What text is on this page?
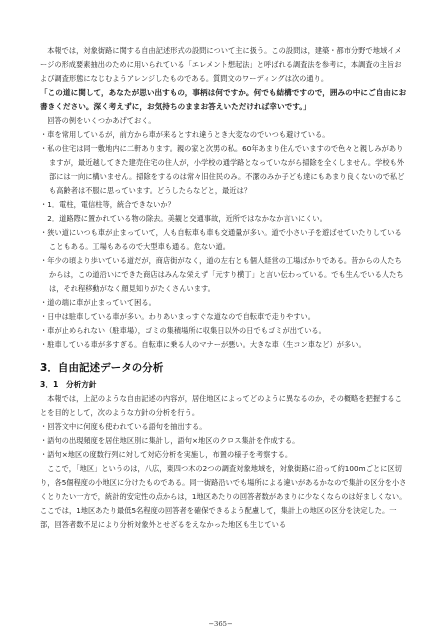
本報では，対象街路に関する自由記述形式の設問について主に扱う。この設問は，建築・都市分野で地域イメージの形成要素抽出のために用いられている「エレメント想起法」と呼ばれる調査法を参考に，本調査の主旨および調査形態になじむようアレンジしたものである。質問文のワーディングは次の通り。

「この道に関して，あなたが思い出すもの，事柄は何ですか。何でも結構ですので，囲みの中にご自由にお書きください。深く考えずに，お気持ちのままお答えいただければ幸いです。」

回答の例をいくつかあげておく。

・車を常用しているが，前方から車が来るとすれ違うとき大変なのでいつも避けている。

・私の住宅は同一敷地内に二軒あります。親の家と次男の私。60年あまり住んでいますので色々と親しみがありますが，最近越してきた建売住宅の住人が，小学校の通学路となっていながら掃除を全くしません。学校も外部には一向に構いません。掃除をするのは常々旧住民のみ。不潔のみか子ども達にもあまり良くないので私ども高齢者は不服に思っています。どうしたらなどと，最近は？

・1．電柱，電信柱等，統合できないか？

　2．道路際に置かれている物の除去。美観と交通事故，近所ではなかなか言いにくい。

・狭い道にいつも車が止まっていて，人も自転車も車も交通量が多い。道で小さい子を遊ばせていたりしていることもある。工場もあるので大型車も通る。危ない道。

・年少の頃より歩いている道だが，商店街がなく，道の左右とも個人経営の工場ばかりである。昔からの人たちからは，この道沿いにできた商店はみんな栄えず「元すり横丁」と言い伝わっている。でも生んでいる人たちは，それ程移動がなく顔見知りがたくさんいます。

・道の端に車が止まっていて困る。

・日中は駐車している車が多い。わりあいまっすぐな道なので自転車で走りやすい。

・車が止められない（駐車場），ゴミの集積場所に収集日以外の日でもゴミが出ている。

・駐車している車が多すぎる。自転車に乗る人のマナーが悪い。大きな車（生コン車など）が多い。

3．自由記述データの分析
3．1　分析方針

本報では，上記のような自由記述の内容が，居住地区によってどのように異なるのか，その概略を把握することを目的として，次のような方針の分析を行う。

・回答文中に何度も使われている語句を抽出する。

・語句の出現頻度を居住地区別に集計し，語句×地区のクロス集計を作成する。

・語句×地区の度数行列に対して対応分析を実施し，布置の様子を考察する。

ここで，「地区」というのは，八広，東四つ木の2つの調査対象地域を，対象街路に沿って約100mごとに区切り，各5個程度の小地区に分けたものである。同一街路沿いでも場所による違いがあるかなので集計の区分を小さくとりたい一方で，統計的安定性の点からは，1地区あたりの回答者数があまりに少なくならのは好ましくない。ここでは，1地区あたり最低5名程度の回答者を確保できるよう配慮して，集計上の地区の区分を決定した。一部，回答者数不足により分析対象外とせざるをえなかった地区も生じている

−365−
